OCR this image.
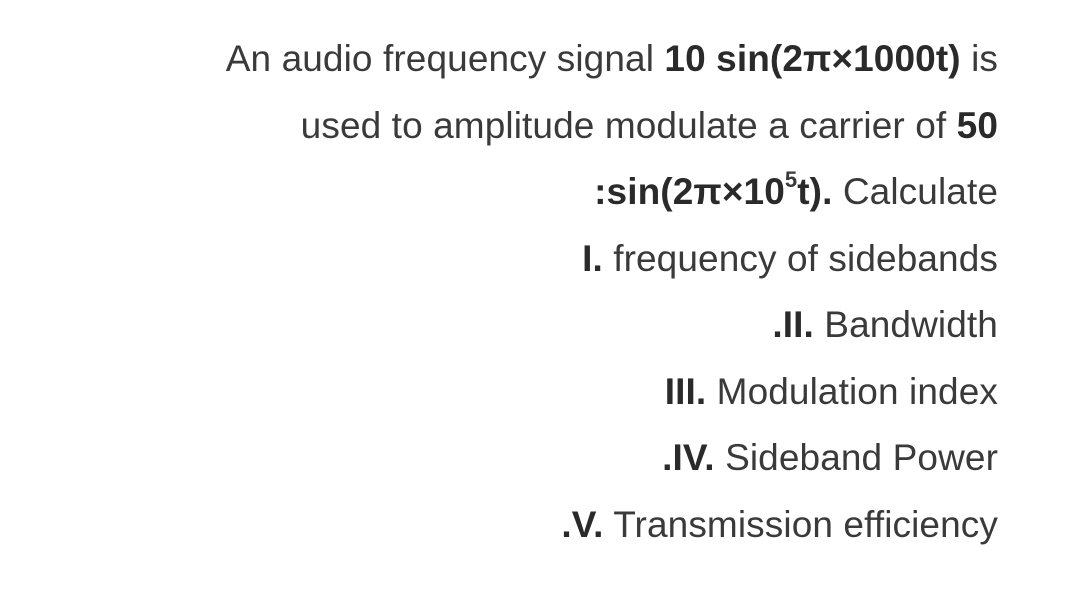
An audio frequency signal 10 sin(2π×1000t) is
used to amplitude modulate a carrier of 50
$:\sin(2\pi\times 10^5t)$. Calculate
I. frequency of sidebands
.II. Bandwidth
III. Modulation index
.IV. Sideband Power
.V. Transmission efficiency
